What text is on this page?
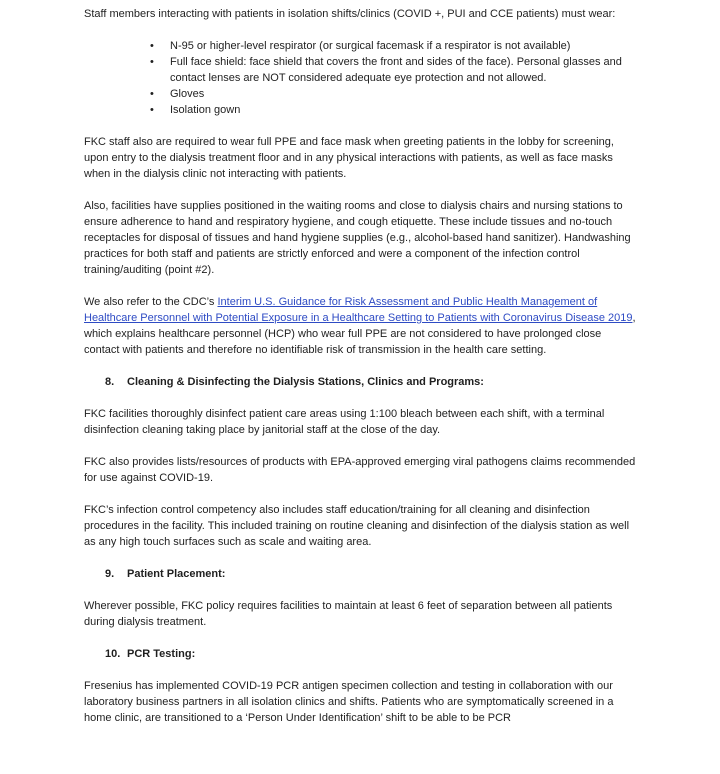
Staff members interacting with patients in isolation shifts/clinics (COVID +, PUI and CCE patients) must wear:

•	N-95 or higher-level respirator (or surgical facemask if a respirator is not available)
•	Full face shield: face shield that covers the front and sides of the face). Personal glasses and contact lenses are NOT considered adequate eye protection and not allowed.
•	Gloves
•	Isolation gown

FKC staff also are required to wear full PPE and face mask when greeting patients in the lobby for screening, upon entry to the dialysis treatment floor and in any physical interactions with patients, as well as face masks when in the dialysis clinic not interacting with patients.

Also, facilities have supplies positioned in the waiting rooms and close to dialysis chairs and nursing stations to ensure adherence to hand and respiratory hygiene, and cough etiquette. These include tissues and no-touch receptacles for disposal of tissues and hand hygiene supplies (e.g., alcohol-based hand sanitizer). Handwashing practices for both staff and patients are strictly enforced and were a component of the infection control training/auditing (point #2).

We also refer to the CDC’s Interim U.S. Guidance for Risk Assessment and Public Health Management of Healthcare Personnel with Potential Exposure in a Healthcare Setting to Patients with Coronavirus Disease 2019, which explains healthcare personnel (HCP) who wear full PPE are not considered to have prolonged close contact with patients and therefore no identifiable risk of transmission in the health care setting.

8.	Cleaning & Disinfecting the Dialysis Stations, Clinics and Programs:

FKC facilities thoroughly disinfect patient care areas using 1:100 bleach between each shift, with a terminal disinfection cleaning taking place by janitorial staff at the close of the day.

FKC also provides lists/resources of products with EPA-approved emerging viral pathogens claims recommended for use against COVID-19.

FKC’s infection control competency also includes staff education/training for all cleaning and disinfection procedures in the facility. This included training on routine cleaning and disinfection of the dialysis station as well as any high touch surfaces such as scale and waiting area.

9.	Patient Placement:

Wherever possible, FKC policy requires facilities to maintain at least 6 feet of separation between all patients during dialysis treatment.

10. PCR Testing:

Fresenius has implemented COVID-19 PCR antigen specimen collection and testing in collaboration with our laboratory business partners in all isolation clinics and shifts. Patients who are symptomatically screened in a home clinic, are transitioned to a ‘Person Under Identification’ shift to be able to be PCR
